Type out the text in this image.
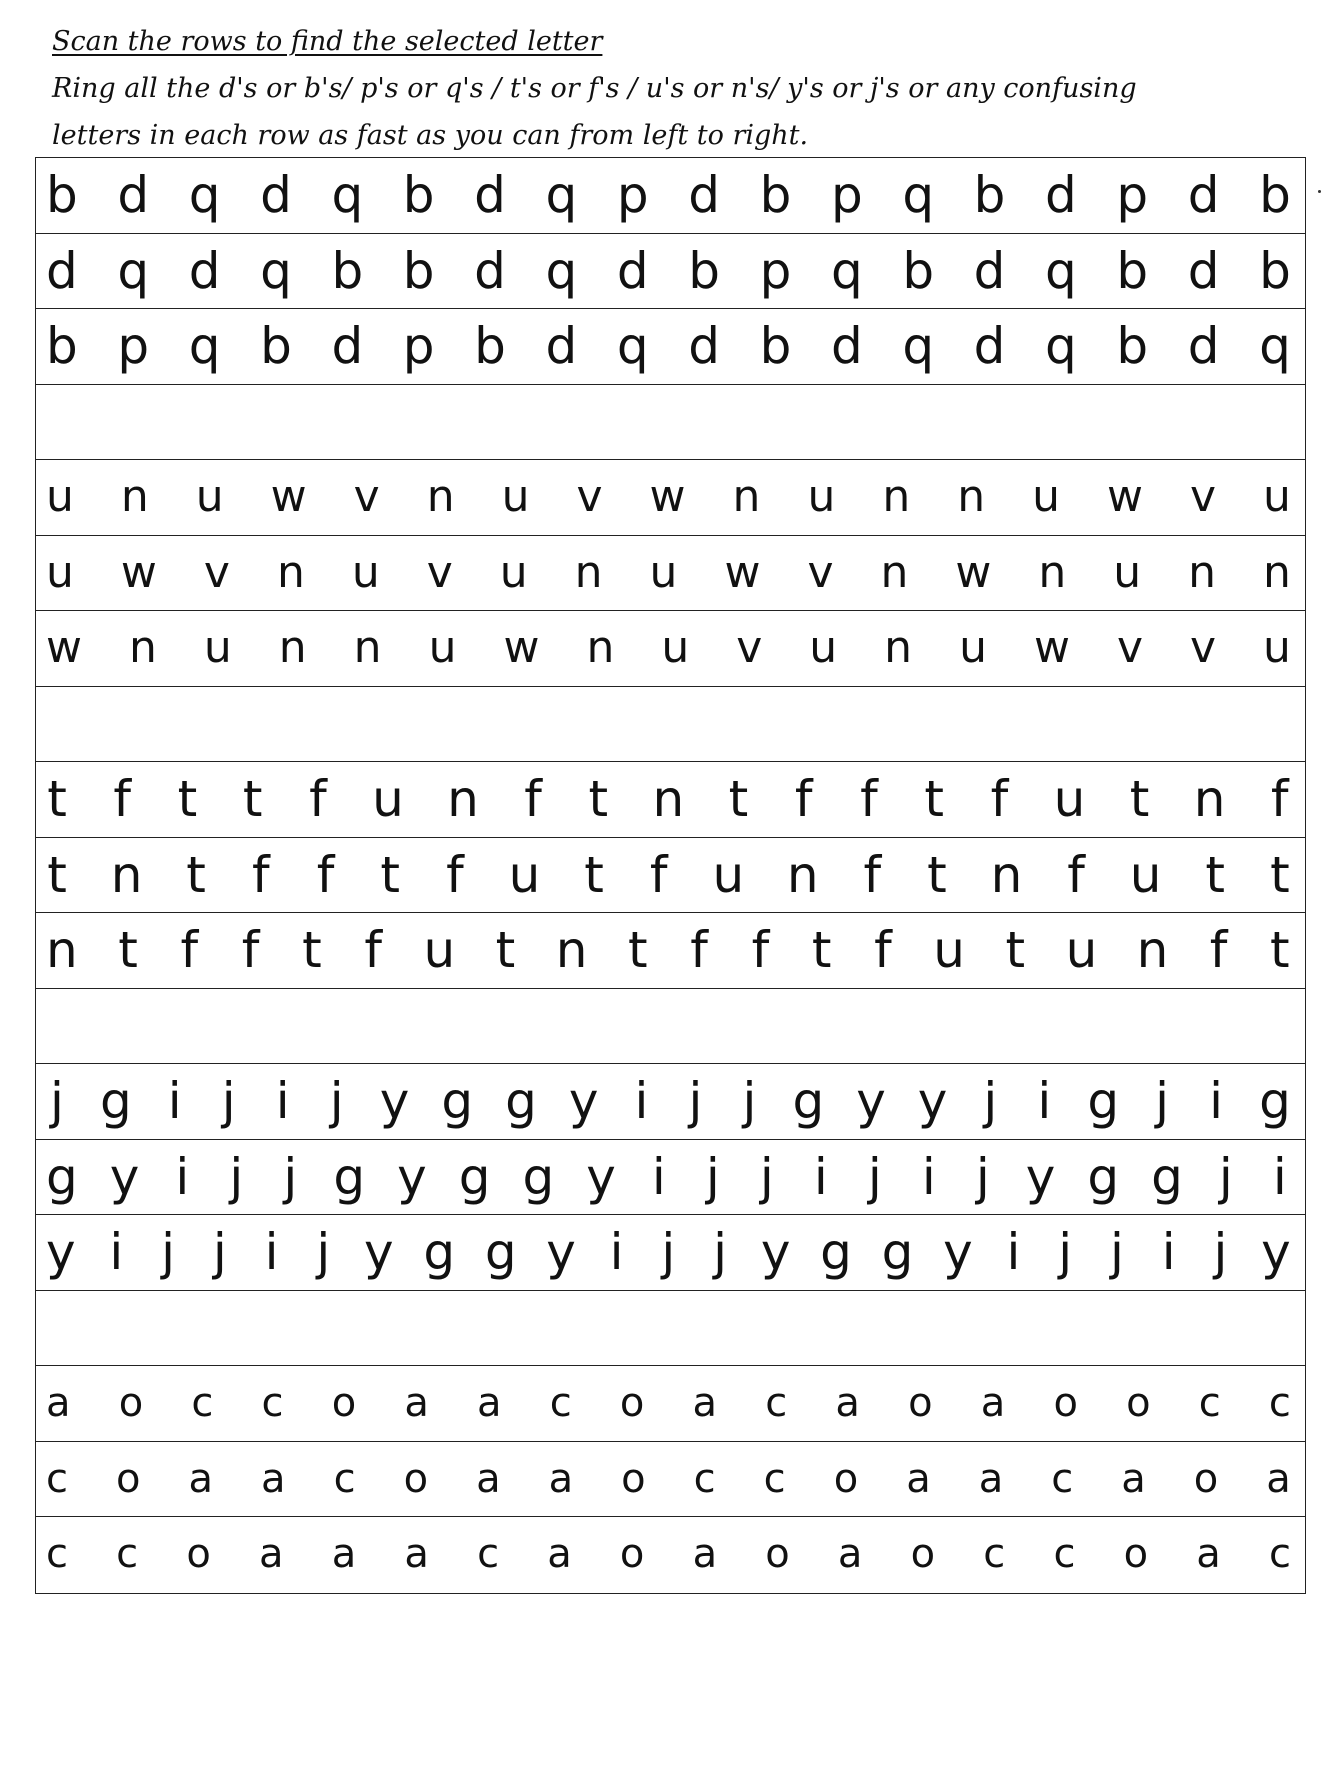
Scan the rows to find the selected letter
Ring all the d's or b's/ p's or q's / t's or f's / u's or n's/ y's or j's or any confusing
letters in each row as fast as you can from left to right.
b d q d q b d q p d b p q b d p d b
d q d q b b d q d b p q b d q b d b
b p q b d p b d q d b d q d q b d q
u n u w v n u v w n u n n u w v u
u w v n u v u n u w v n w n u n n
w n u n n u w n u v u n u w v v u
t f t t f u n f t n t f f t f u t n f
t n t f f t f u t f u n f t n f u t t
n t f f t f u t n t f f t f u t u n f t
j g i j i j y g g y i j j g y y j i g j i g
g y i j j g y g g y i j j i j i j y g g j i
y i j j i j y g g y i j j y g g y i j j i j y
a o c c o a a c o a c a o a o o c c
c o a a c o a a o c c o a a c a o a
c c o a a a c a o a o a o c c o a c
